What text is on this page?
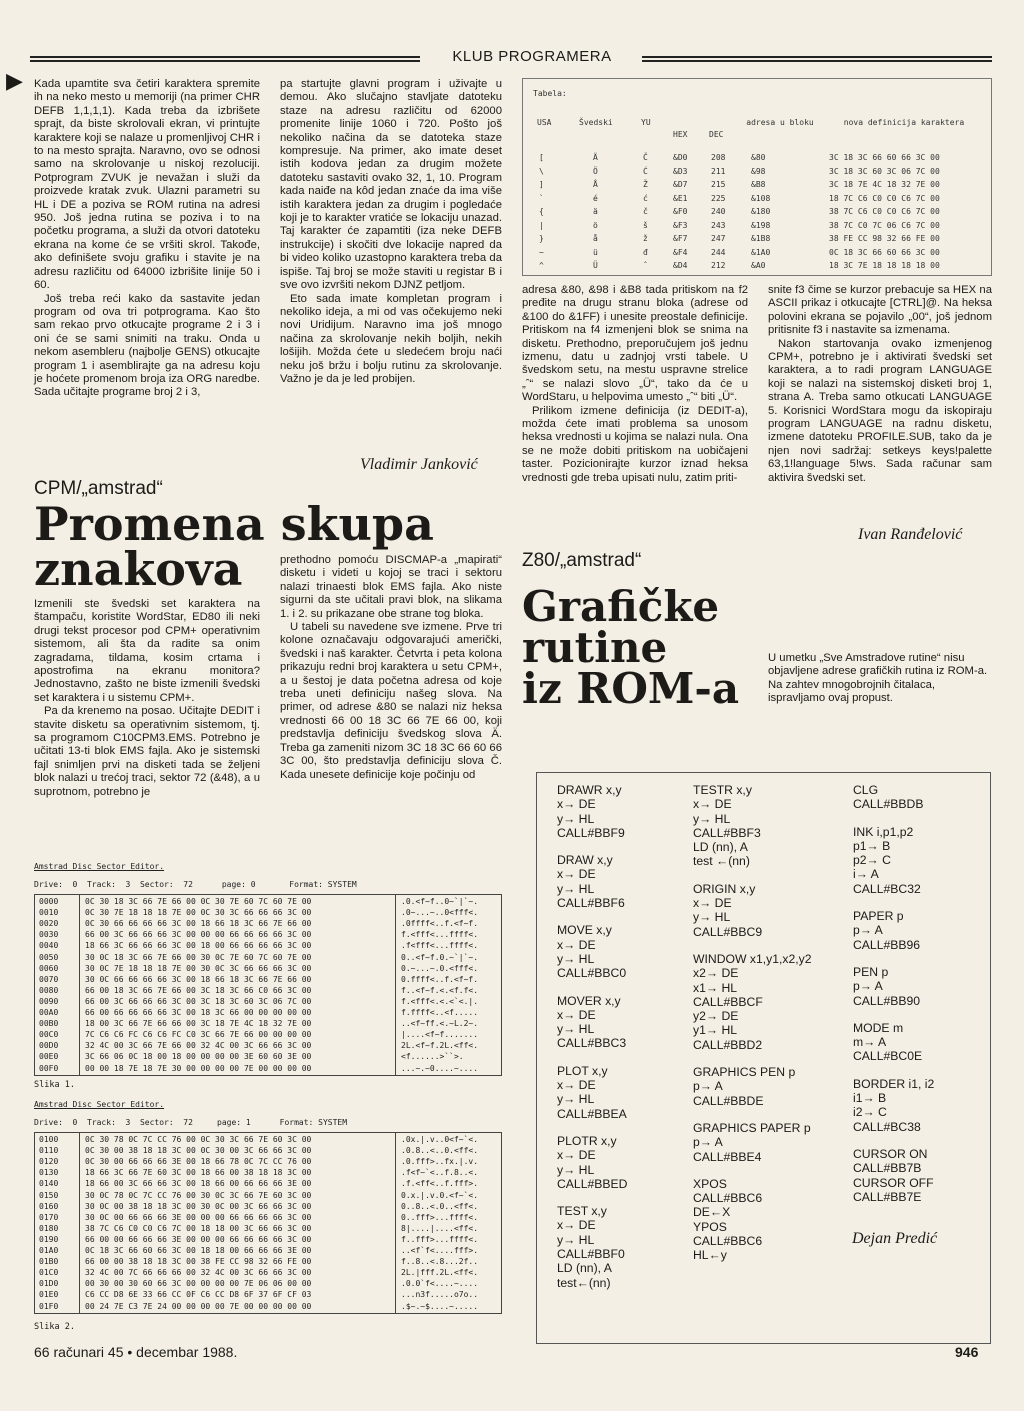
KLUB PROGRAMERA
▶ Kada upamtite sva četiri karaktera spremite ih na neko mesto u memoriji (na primer CHR DEFB 1,1,1,1). Kada treba da izbrišete sprajt, da biste skrolovali ekran, vi printujte karaktere koji se nalaze u promenljivoj CHR i to na mesto sprajta. Naravno, ovo se odnosi samo na skrolovanje u niskoj rezoluciji. Potprogram ZVUK je nevažan i služi da proizvede kratak zvuk. Ulazni parametri su HL i DE a poziva se ROM rutina na adresi 950. Još jedna rutina se poziva i to na početku programa, a služi da otvori datoteku ekrana na kome će se vršiti skrol. Takođe, ako definišete svoju grafiku i stavite je na adresu različitu od 64000 izbrišite linije 50 i 60.

Još treba reći kako da sastavite jedan program od ova tri potprograma. Kao što sam rekao prvo otkucajte programe 2 i 3 i oni će se sami snimiti na traku. Onda u nekom asembleru (najbolje GENS) otkucajte program 1 i asemblirajte ga na adresu koju je hoćete promenom broja iza ORG naredbe. Sada učitajte programe broj 2 i 3,

pa startujte glavni program i uživajte u demou. Ako slučajno stavljate datoteku staze na adresu različitu od 62000 promenite linije 1060 i 720. Pošto još nekoliko načina da se datoteka staze kompresuje. Na primer, ako imate deset istih kodova jedan za drugim možete datoteku sastaviti ovako 32, 1, 10. Program kada naiđe na kôd jedan znaće da ima više istih karaktera jedan za drugim i pogledaće koji je to karakter vratiće se lokaciju unazad. Taj karakter će zapamtiti (iza neke DEFB instrukcije) i skočiti dve lokacije napred da bi video koliko uzastopno karaktera treba da ispiše. Taj broj se može staviti u registar B i sve ovo izvršiti nekom DJNZ petljom.

Eto sada imate kompletan program i nekoliko ideja, a mi od vas očekujemo neki novi Uridijum. Naravno ima još mnogo načina za skrolovanje nekih boljih, nekih lošijih. Možda ćete u sledećem broju naći neku još bržu i bolju rutinu za skrolovanje. Važno je da je led probijen.

Vladimir Janković
CPM/„amstrad“
Promena skupa
znakova

Izmenili ste švedski set karaktera na štampaču, koristite WordStar, ED80 ili neki drugi tekst procesor pod CPM+ operativnim sistemom, ali šta da radite sa onim zagradama, tildama, kosim crtama i apostrofima na ekranu monitora? Jednostavno, zašto ne biste izmenili švedski set karaktera i u sistemu CPM+.

Pa da krenemo na posao. Učitajte DEDIT i stavite disketu sa operativnim sistemom, tj. sa programom C10CPM3.EMS. Potrebno je učitati 13-ti blok EMS fajla. Ako je sistemski fajl snimljen prvi na disketi tada se željeni blok nalazi u trećoj traci, sektor 72 (&48), a u suprotnom, potrebno je

prethodno pomoću DISCMAP-a „mapirati“ disketu i videti u kojoj se traci i sektoru nalazi trinaesti blok EMS fajla. Ako niste sigurni da ste učitali pravi blok, na slikama 1. i 2. su prikazane obe strane tog bloka.

U tabeli su navedene sve izmene. Prve tri kolone označavaju odgovarajući američki, švedski i naš karakter. Četvrta i peta kolona prikazuju redni broj karaktera u setu CPM+, a u šestoj je data početna adresa od koje treba uneti definiciju našeg slova. Na primer, od adrese &80 se nalazi niz heksa vrednosti 66 00 18 3C 66 7E 66 00, koji predstavlja definiciju švedskog slova Ä. Treba ga zameniti nizom 3C 18 3C 66 60 66 3C 00, što predstavlja definiciju slova Č. Kada unesete definicije koje počinju od

adresa &80, &98 i &B8 tada pritiskom na f2 pređite na drugu stranu bloka (adrese od &100 do &1FF) i unesite preostale definicije. Pritiskom na f4 izmenjeni blok se snima na disketu. Prethodno, preporučujem još jednu izmenu, datu u zadnjoj vrsti tabele. U švedskom setu, na mestu uspravne strelice „ˆ“ se nalazi slovo „Ü“, tako da će u WordStaru, u helpovima umesto „ˆ“ biti „Ü“.

Prilikom izmene definicija (iz DEDIT-a), možda ćete imati problema sa unosom heksa vrednosti u kojima se nalazi nula. Ona se ne može dobiti pritiskom na uobičajeni taster. Pozicionirajte kurzor iznad heksa vrednosti gde treba upisati nulu, zatim priti-

snite f3 čime se kurzor prebacuje sa HEX na ASCII prikaz i otkucajte [CTRL]@. Na heksa polovini ekrana se pojavilo „00“, još jednom pritisnite f3 i nastavite sa izmenama.

Nakon startovanja ovako izmenjenog CPM+, potrebno je i aktivirati švedski set karaktera, a to radi program LANGUAGE koji se nalazi na sistemskoj disketi broj 1, strana A. Treba samo otkucati LANGUAGE 5. Korisnici WordStara mogu da iskopiraju program LANGUAGE na radnu disketu, izmene datoteku PROFILE.SUB, tako da je njen novi sadržaj: setkeys keys!palette 63,1!language 5!ws. Sada računar sam aktivira švedski set.

Ivan Ranđelović
Tabela:
USA	Švedski	YU
HEX	DEC
adresa u bloku	nova definicija karaktera
[	Ä	Č	&D0	208	&80	3C 18 3C 66 60 66 3C 00
\	Ö	Ć	&D3	211	&98	3C 18 3C 60 3C 06 7C 00
]	Å	Ž	&D7	215	&B8	3C 18 7E 4C 18 32 7E 00
`	é	ć	&E1	225	&108	18 7C C6 C0 C0 C6 7C 00
{	ä	č	&F0	240	&180	38 7C C6 C0 C0 C6 7C 00
|	ö	š	&F3	243	&198	38 7C C0 7C 06 C6 7C 00
}	å	ž	&F7	247	&1B8	38 FE CC 98 32 66 FE 00
~	ü	đ	&F4	244	&1A0	0C 18 3C 66 60 66 3C 00
^	Ü	ˆ	&D4	212	&A0	18 3C 7E 18 18 18 18 00
Amstrad Disc Sector Editor.
Drive:  0  Track:  3  Sector:  72      page: 0       Format: SYSTEM
0000	0C 30 18 3C 66 7E 66 00 0C 30 7E 60 7C 60 7E 00	.0.<f~f..0~`|`~.
0010	0C 30 7E 18 18 18 7E 00 0C 30 3C 66 66 66 3C 00	.0~...~..0<fff<.
0020	0C 30 66 66 66 66 3C 00 18 66 18 3C 66 7E 66 00	.0ffff<..f.<f~f.
0030	66 00 3C 66 66 66 3C 00 00 00 66 66 66 66 3C 00	f.<fff<...ffff<.
0040	18 66 3C 66 66 66 3C 00 18 00 66 66 66 66 3C 00	.f<fff<...ffff<.
0050	30 0C 18 3C 66 7E 66 00 30 0C 7E 60 7C 60 7E 00	0..<f~f.0.~`|`~.
0060	30 0C 7E 18 18 18 7E 00 30 0C 3C 66 66 66 3C 00	0.~...~.0.<fff<.
0070	30 0C 66 66 66 66 3C 00 18 66 18 3C 66 7E 66 00	0.ffff<..f.<f~f.
0080	66 00 18 3C 66 7E 66 00 3C 18 3C 66 C0 66 3C 00	f..<f~f.<.<f.f<.
0090	66 00 3C 66 66 66 3C 00 3C 18 3C 60 3C 06 7C 00	f.<fff<.<.<`<.|.
00A0	66 00 66 66 66 66 3C 00 18 3C 66 00 00 00 00 00	f.ffff<..<f.....
00B0	18 00 3C 66 7E 66 66 00 3C 18 7E 4C 18 32 7E 00	..<f~ff.<.~L.2~.
00C0	7C C6 C6 FC C6 C6 FC C0 3C 66 7E 66 00 00 00 00	|....<f~f.......
00D0	32 4C 00 3C 66 7E 66 00 32 4C 00 3C 66 66 3C 00	2L.<f~f.2L.<ff<.
00E0	3C 66 06 0C 18 00 18 00 00 00 00 3E 60 60 3E 00	<f......>``>.
00F0	00 00 18 7E 18 7E 30 00 00 00 00 7E 00 00 00 00	...~.~0....~....
Slika 1.
Amstrad Disc Sector Editor.
Drive:  0  Track:  3  Sector:  72     page: 1      Format: SYSTEM
0100	0C 30 78 0C 7C CC 76 00 0C 30 3C 66 7E 60 3C 00	.0x.|.v..0<f~`<.
0110	0C 30 00 38 18 18 3C 00 0C 30 00 3C 66 66 3C 00	.0.8..<..0.<ff<.
0120	0C 30 00 66 66 66 3E 00 18 66 78 0C 7C CC 76 00	.0.fff>..fx.|.v.
0130	18 66 3C 66 7E 60 3C 00 18 66 00 38 18 18 3C 00	.f<f~`<..f.8..<.
0140	18 66 00 3C 66 66 3C 00 18 66 00 66 66 66 3E 00	.f.<ff<..f.fff>.
0150	30 0C 78 0C 7C CC 76 00 30 0C 3C 66 7E 60 3C 00	0.x.|.v.0.<f~`<.
0160	30 0C 00 38 18 18 3C 00 30 0C 00 3C 66 66 3C 00	0..8..<.0..<ff<.
0170	30 0C 00 66 66 66 3E 00 00 00 66 66 66 66 3C 00	0..fff>...ffff<.
0180	38 7C C6 C0 C0 C6 7C 00 18 18 00 3C 66 66 3C 00	8|....|....<ff<.
0190	66 00 00 66 66 66 3E 00 00 00 66 66 66 66 3C 00	f..fff>...ffff<.
01A0	0C 18 3C 66 60 66 3C 00 18 18 00 66 66 66 3E 00	..<f`f<....fff>.
01B0	66 00 00 38 18 18 3C 00 38 FE CC 98 32 66 FE 00	f..8..<.8...2f..
01C0	32 4C 00 7C 66 66 66 00 32 4C 00 3C 66 66 3C 00	2L.|fff.2L.<ff<.
01D0	00 30 00 30 60 66 3C 00 00 00 00 7E 06 06 00 00	.0.0`f<....~....
01E0	C6 CC D8 6E 33 66 CC 0F C6 CC D8 6F 37 6F CF 03	...n3f.....o7o..
01F0	00 24 7E C3 7E 24 00 00 00 00 7E 00 00 00 00 00	.$~.~$....~.....
Slika 2.
Z80/„amstrad“
Grafičke
rutine
iz ROM-a
U umetku „Sve Amstradove rutine“ nisu objavljene adrese grafičkih rutina iz ROM-a. Na zahtev mnogobrojnih čitalaca, ispravljamo ovaj propust.
DRAWR x,y
x→ DE
y→ HL
CALL#BBF9
DRAW x,y
x→ DE
y→ HL
CALL#BBF6
MOVE x,y
x→ DE
y→ HL
CALL#BBC0
MOVER x,y
x→ DE
y→ HL
CALL#BBC3
PLOT x,y
x→ DE
y→ HL
CALL#BBEA
PLOTR x,y
x→ DE
y→ HL
CALL#BBED
TEST x,y
x→ DE
y→ HL
CALL#BBF0
LD (nn), A
test←(nn)
TESTR x,y
x→ DE
y→ HL
CALL#BBF3
LD (nn), A
test ←(nn)
ORIGIN x,y
x→ DE
y→ HL
CALL#BBC9
WINDOW x1,y1,x2,y2
x2→ DE
x1→ HL
CALL#BBCF
y2→ DE
y1→ HL
CALL#BBD2
GRAPHICS PEN p
p→ A
CALL#BBDE
GRAPHICS PAPER p
p→ A
CALL#BBE4
XPOS
CALL#BBC6
DE←X
YPOS
CALL#BBC6
HL←y
CLG
CALL#BBDB
INK i,p1,p2
p1→ B
p2→ C
i→ A
CALL#BC32
PAPER p
p→ A
CALL#BB96
PEN p
p→ A
CALL#BB90
MODE m
m→ A
CALL#BC0E
BORDER i1, i2
i1→ B
i2→ C
CALL#BC38
CURSOR ON
CALL#BB7B
CURSOR OFF
CALL#BB7E
Dejan Predić
66 računari 45 • decembar 1988.	946
